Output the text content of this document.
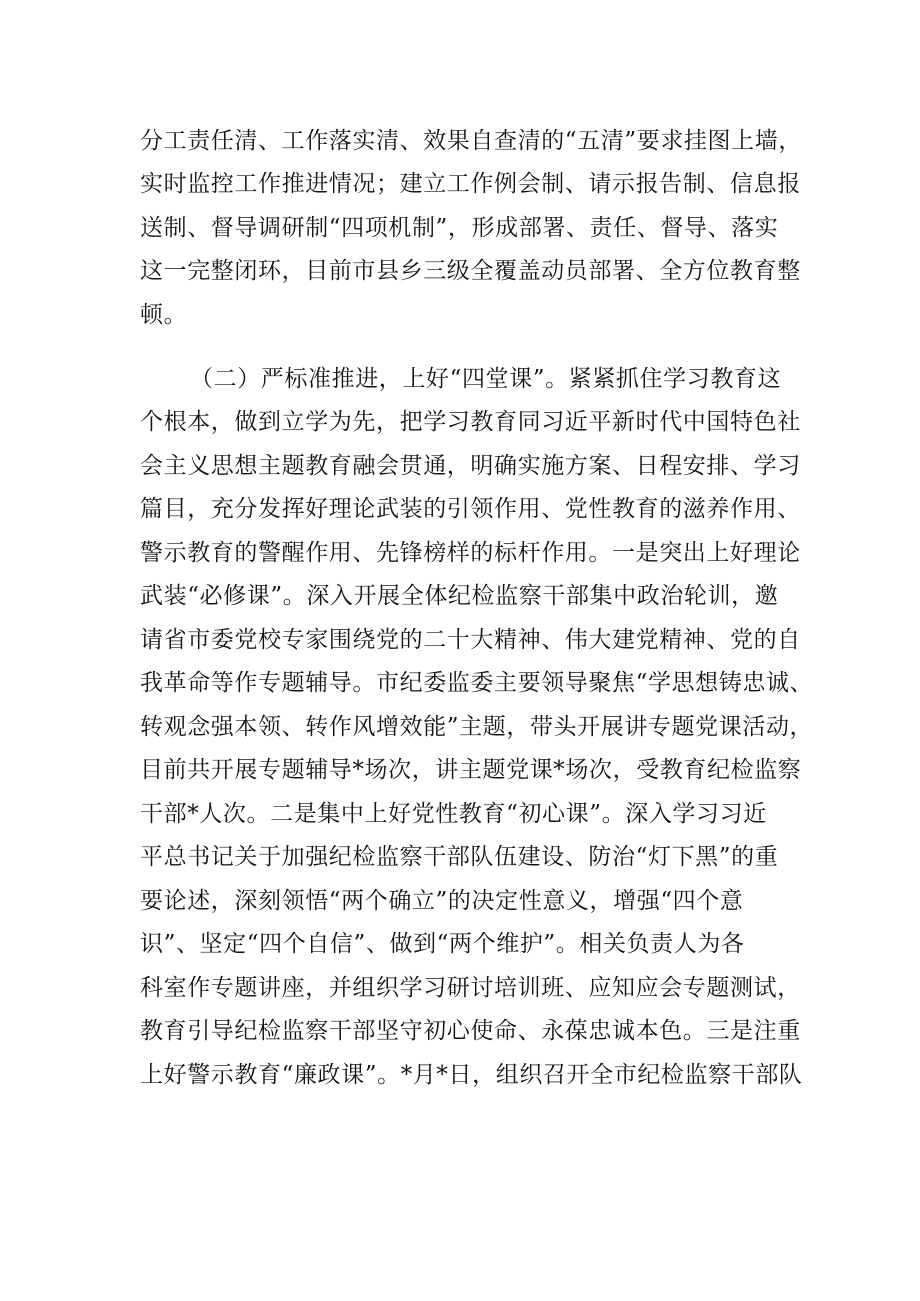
分工责任清、工作落实清、效果自查清的“五清”要求挂图上墙，
实时监控工作推进情况；建立工作例会制、请示报告制、信息报
送制、督导调研制“四项机制”，形成部署、责任、督导、落实
这一完整闭环，目前市县乡三级全覆盖动员部署、全方位教育整
顿。
（二）严标准推进，上好“四堂课”。紧紧抓住学习教育这
个根本，做到立学为先，把学习教育同习近平新时代中国特色社
会主义思想主题教育融会贯通，明确实施方案、日程安排、学习
篇目，充分发挥好理论武装的引领作用、党性教育的滋养作用、
警示教育的警醒作用、先锋榜样的标杆作用。一是突出上好理论
武装“必修课”。深入开展全体纪检监察干部集中政治轮训，邀
请省市委党校专家围绕党的二十大精神、伟大建党精神、党的自
我革命等作专题辅导。市纪委监委主要领导聚焦“学思想铸忠诚、
转观念强本领、转作风增效能”主题，带头开展讲专题党课活动，
目前共开展专题辅导*场次，讲主题党课*场次，受教育纪检监察
干部*人次。二是集中上好党性教育“初心课”。深入学习习近
平总书记关于加强纪检监察干部队伍建设、防治“灯下黑”的重
要论述，深刻领悟“两个确立”的决定性意义，增强“四个意
识”、坚定“四个自信”、做到“两个维护”。相关负责人为各
科室作专题讲座，并组织学习研讨培训班、应知应会专题测试，
教育引导纪检监察干部坚守初心使命、永葆忠诚本色。三是注重
上好警示教育“廉政课”。*月*日，组织召开全市纪检监察干部队
